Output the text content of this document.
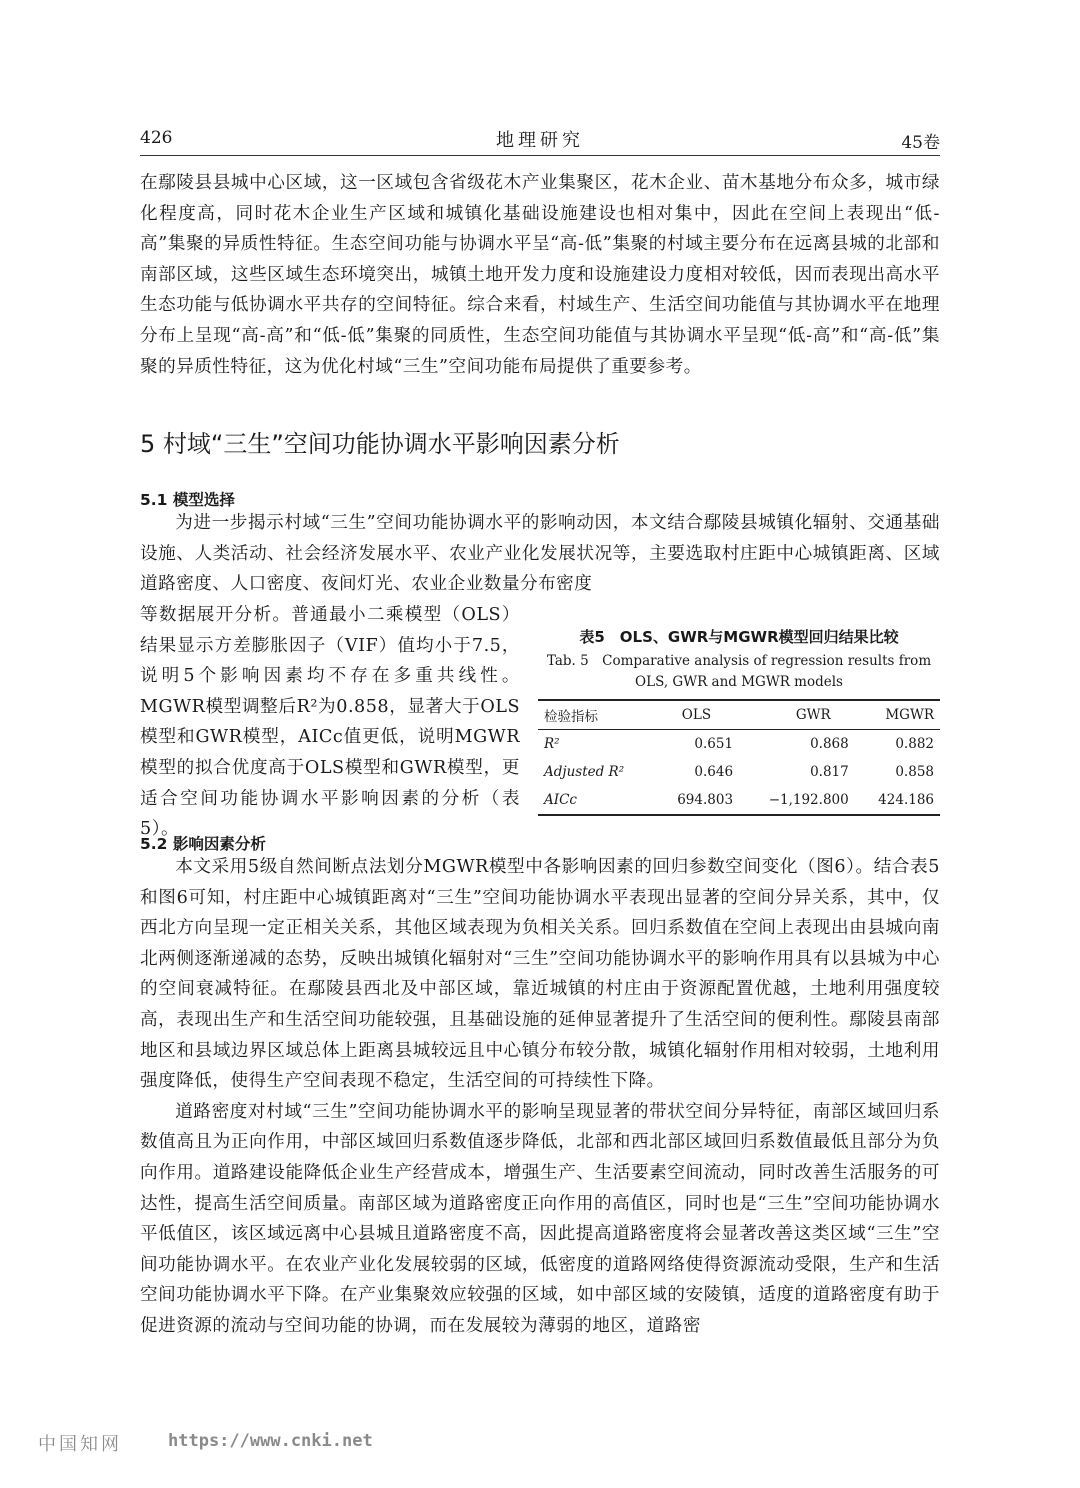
426	地理研究	45卷

在鄢陵县县城中心区域，这一区域包含省级花木产业集聚区，花木企业、苗木基地分布众多，城市绿化程度高，同时花木企业生产区域和城镇化基础设施建设也相对集中，因此在空间上表现出“低-高”集聚的异质性特征。生态空间功能与协调水平呈“高-低”集聚的村域主要分布在远离县城的北部和南部区域，这些区域生态环境突出，城镇土地开发力度和设施建设力度相对较低，因而表现出高水平生态功能与低协调水平共存的空间特征。综合来看，村域生产、生活空间功能值与其协调水平在地理分布上呈现“高-高”和“低-低”集聚的同质性，生态空间功能值与其协调水平呈现“低-高”和“高-低”集聚的异质性特征，这为优化村域“三生”空间功能布局提供了重要参考。

5 村域“三生”空间功能协调水平影响因素分析
5.1 模型选择

为进一步揭示村域“三生”空间功能协调水平的影响动因，本文结合鄢陵县城镇化辐射、交通基础设施、人类活动、社会经济发展水平、农业产业化发展状况等，主要选取村庄距中心城镇距离、区域道路密度、人口密度、夜间灯光、农业企业数量分布密度

等数据展开分析。普通最小二乘模型（OLS）结果显示方差膨胀因子（VIF）值均小于7.5，说明5个影响因素均不存在多重共线性。MGWR模型调整后R²为0.858，显著大于OLS模型和GWR模型，AICc值更低，说明MGWR模型的拟合优度高于OLS模型和GWR模型，更适合空间功能协调水平影响因素的分析（表5）。

表5　OLS、GWR与MGWR模型回归结果比较
Tab. 5　Comparative analysis of regression results from
OLS, GWR and MGWR models
检验指标	OLS	GWR	MGWR
R²	0.651	0.868	0.882
Adjusted R²	0.646	0.817	0.858
AICc	694.803	−1,192.800	424.186
5.2 影响因素分析

本文采用5级自然间断点法划分MGWR模型中各影响因素的回归参数空间变化（图6）。结合表5和图6可知，村庄距中心城镇距离对“三生”空间功能协调水平表现出显著的空间分异关系，其中，仅西北方向呈现一定正相关关系，其他区域表现为负相关关系。回归系数值在空间上表现出由县城向南北两侧逐渐递减的态势，反映出城镇化辐射对“三生”空间功能协调水平的影响作用具有以县城为中心的空间衰减特征。在鄢陵县西北及中部区域，靠近城镇的村庄由于资源配置优越，土地利用强度较高，表现出生产和生活空间功能较强，且基础设施的延伸显著提升了生活空间的便利性。鄢陵县南部地区和县域边界区域总体上距离县城较远且中心镇分布较分散，城镇化辐射作用相对较弱，土地利用强度降低，使得生产空间表现不稳定，生活空间的可持续性下降。

道路密度对村域“三生”空间功能协调水平的影响呈现显著的带状空间分异特征，南部区域回归系数值高且为正向作用，中部区域回归系数值逐步降低，北部和西北部区域回归系数值最低且部分为负向作用。道路建设能降低企业生产经营成本，增强生产、生活要素空间流动，同时改善生活服务的可达性，提高生活空间质量。南部区域为道路密度正向作用的高值区，同时也是“三生”空间功能协调水平低值区，该区域远离中心县城且道路密度不高，因此提高道路密度将会显著改善这类区域“三生”空间功能协调水平。在农业产业化发展较弱的区域，低密度的道路网络使得资源流动受限，生产和生活空间功能协调水平下降。在产业集聚效应较强的区域，如中部区域的安陵镇，适度的道路密度有助于促进资源的流动与空间功能的协调，而在发展较为薄弱的地区，道路密

中国知网	https://www.cnki.net
